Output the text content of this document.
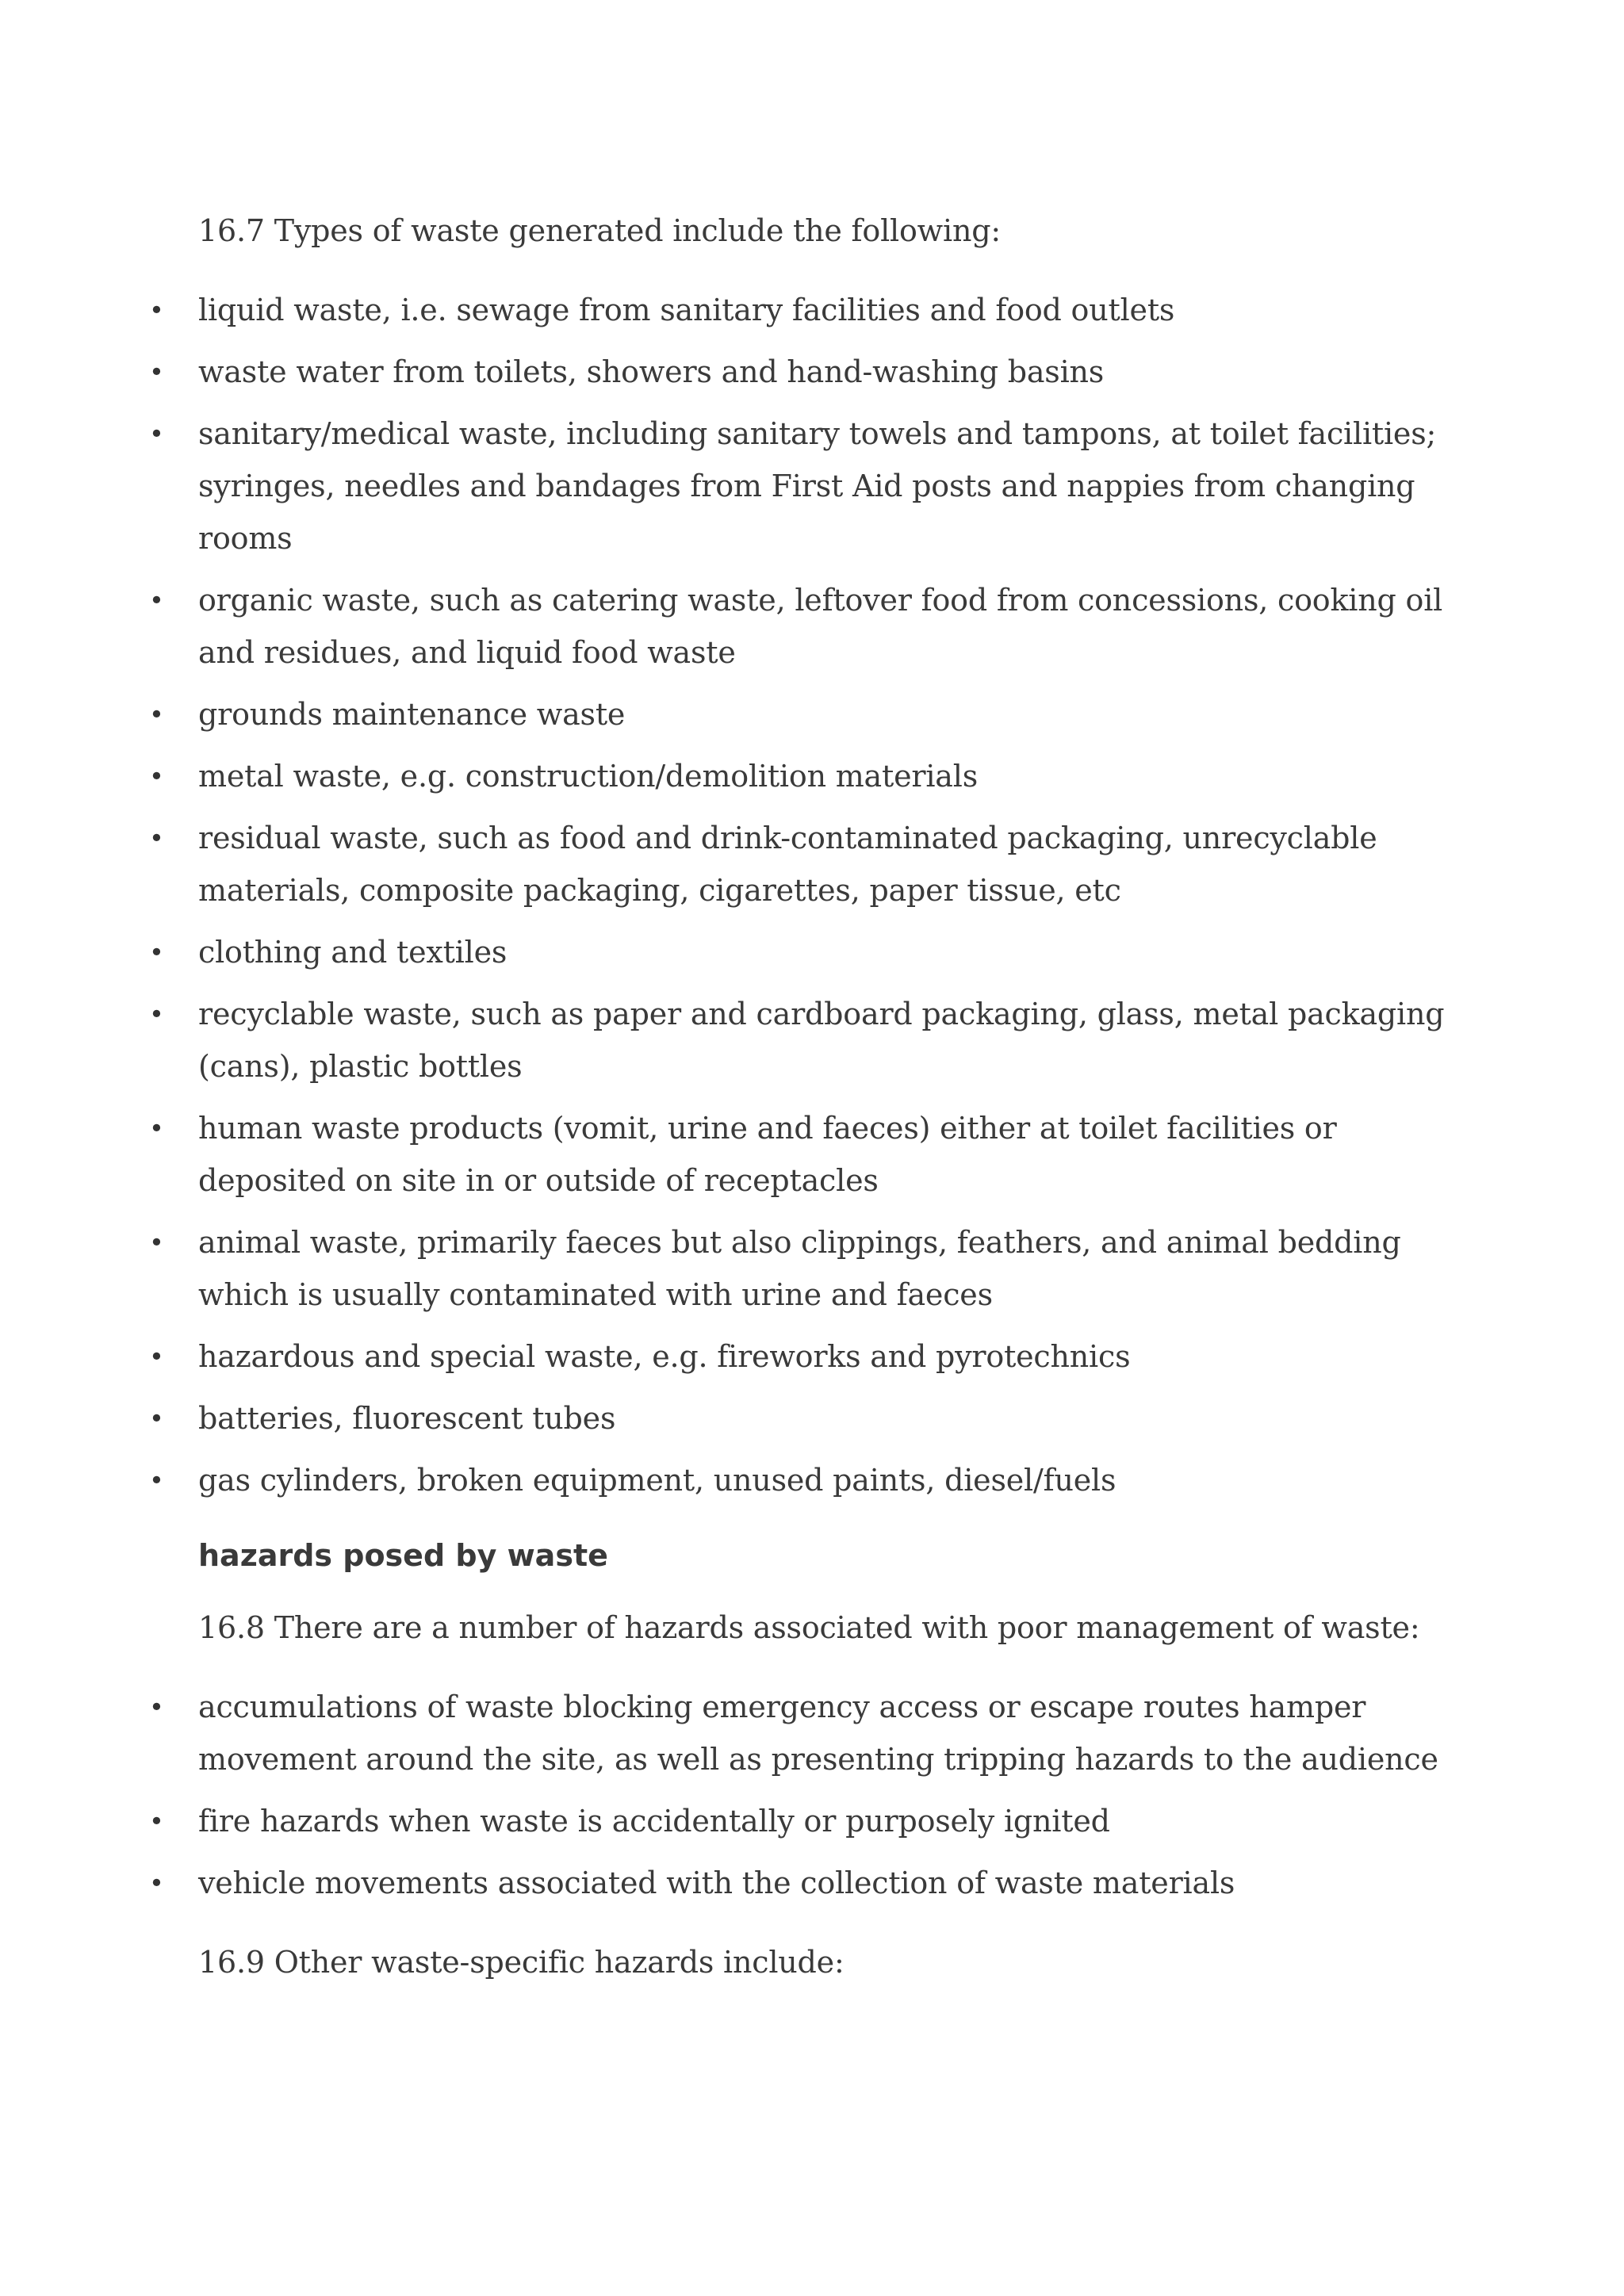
16.7 Types of waste generated include the following:

• liquid waste, i.e. sewage from sanitary facilities and food outlets
• waste water from toilets, showers and hand-washing basins
• sanitary/medical waste, including sanitary towels and tampons, at toilet facilities; syringes, needles and bandages from First Aid posts and nappies from changing rooms
• organic waste, such as catering waste, leftover food from concessions, cooking oil and residues, and liquid food waste
• grounds maintenance waste
• metal waste, e.g. construction/demolition materials
• residual waste, such as food and drink-contaminated packaging, unrecyclable materials, composite packaging, cigarettes, paper tissue, etc
• clothing and textiles
• recyclable waste, such as paper and cardboard packaging, glass, metal packaging (cans), plastic bottles
• human waste products (vomit, urine and faeces) either at toilet facilities or deposited on site in or outside of receptacles
• animal waste, primarily faeces but also clippings, feathers, and animal bedding which is usually contaminated with urine and faeces
• hazardous and special waste, e.g. fireworks and pyrotechnics
• batteries, fluorescent tubes
• gas cylinders, broken equipment, unused paints, diesel/fuels
hazards posed by waste

16.8 There are a number of hazards associated with poor management of waste:

• accumulations of waste blocking emergency access or escape routes hamper movement around the site, as well as presenting tripping hazards to the audience
• fire hazards when waste is accidentally or purposely ignited
• vehicle movements associated with the collection of waste materials

16.9 Other waste-specific hazards include:
